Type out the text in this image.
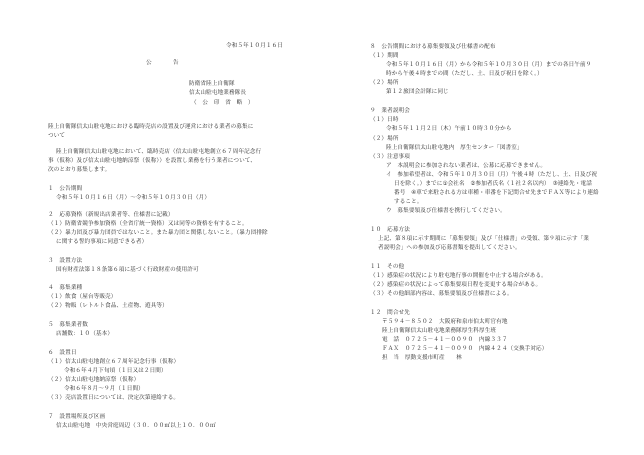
令和５年１０月１６日
公　告
防衛省陸上自衛隊
信太山駐屯地業務隊長
（　公　印　省　略　）
陸上自衛隊信太山駐屯地における臨時売店の設置及び運営における業者の募集に
ついて
陸上自衛隊信太山駐屯地において、臨時売店（信太山駐屯地創立６７周年記念行
事（仮称）及び信太山駐屯地納涼祭（仮称））を設置し業務を行う業者について、
次のとおり募集します。
１　公告期間
令和５年１０月１６日（月）～令和５年１０月３０日（月）
２　応募資格（新規出店業者等、仕様書に記載）
（１）防衛省競争参加資格（全省庁統一資格）又は同等の資格を有すること。
（２）暴力団及び暴力団員ではないこと。また暴力団と関係しないこと。（暴力団排除
に関する誓約事項に同意できる者）
３　設置方法
国有財産法第１８条第６項に基づく行政財産の使用許可
４　募集業種
（１）飲食（屋台等販売）
（２）物販（レトルト食品、土産物、遊具等）
５　募集業者数
店舗数：１０（基本）
６　設置日
（１）信太山駐屯地創立６７周年記念行事（仮称）
令和６年４月下旬頃（１日又は２日間）
（２）信太山駐屯地納涼祭（仮称）
令和６年８月～９月（１日間）
（３）売店設置日については、決定次第連絡する。
７　設置場所及び区画
信太山駐屯地　中央営庭周辺（３０．００㎡以上１０．００㎡
８　公告期間における募集要領及び仕様書の配布
（１）期間
令和５年１０月１６日（月）から令和５年１０月３０日（月）までの各日午前９
時から午後４時までの間（ただし、土、日及び祝日を除く。）
（２）場所
第１２旅団会計隊に同じ
９　業者説明会
（１）日時
令和５年１１月２日（木）午前１０時３０分から
（２）場所
陸上自衛隊信太山駐屯地内　厚生センター「図書室」
（３）注意事項
ア　本説明会に参加されない業者は、公募に応募できません。
イ　参加希望者は、令和５年１０月３０日（月）午後４時（ただし、土、日及び祝
日を除く。）までに①会社名　②参加者氏名（１社２名以内）　③連絡先・電話
番号　④車で来駐される方は車種・車番を下記問合せ先までＦＡＸ等により連絡
すること。
ウ　募集要領及び仕様書を携行してください。
１０　応募方法
上記、第８項に示す期間に「募集要領」及び「仕様書」の受領、第９項に示す「業
者説明会」への参加及び応募書類を提出してください。
１１　その他
（１）感染症の状況により駐屯地行事の開催を中止する場合がある。
（２）感染症の状況によって募集要項日程を変更する場合がある。
（３）その他細部内容は、募集要領及び仕様書による。
１２　問合せ先
〒５９４－８５０２　大阪府和泉市伯太町官有地
陸上自衛隊信太山駐屯地業務隊厚生科厚生班
電　話　０７２５－４１－００９０　内線３３７
ＦＡＸ　０７２５－４１－００９０　内線４２４（交換手対応）
担　当　厚動支援市町産　　林
